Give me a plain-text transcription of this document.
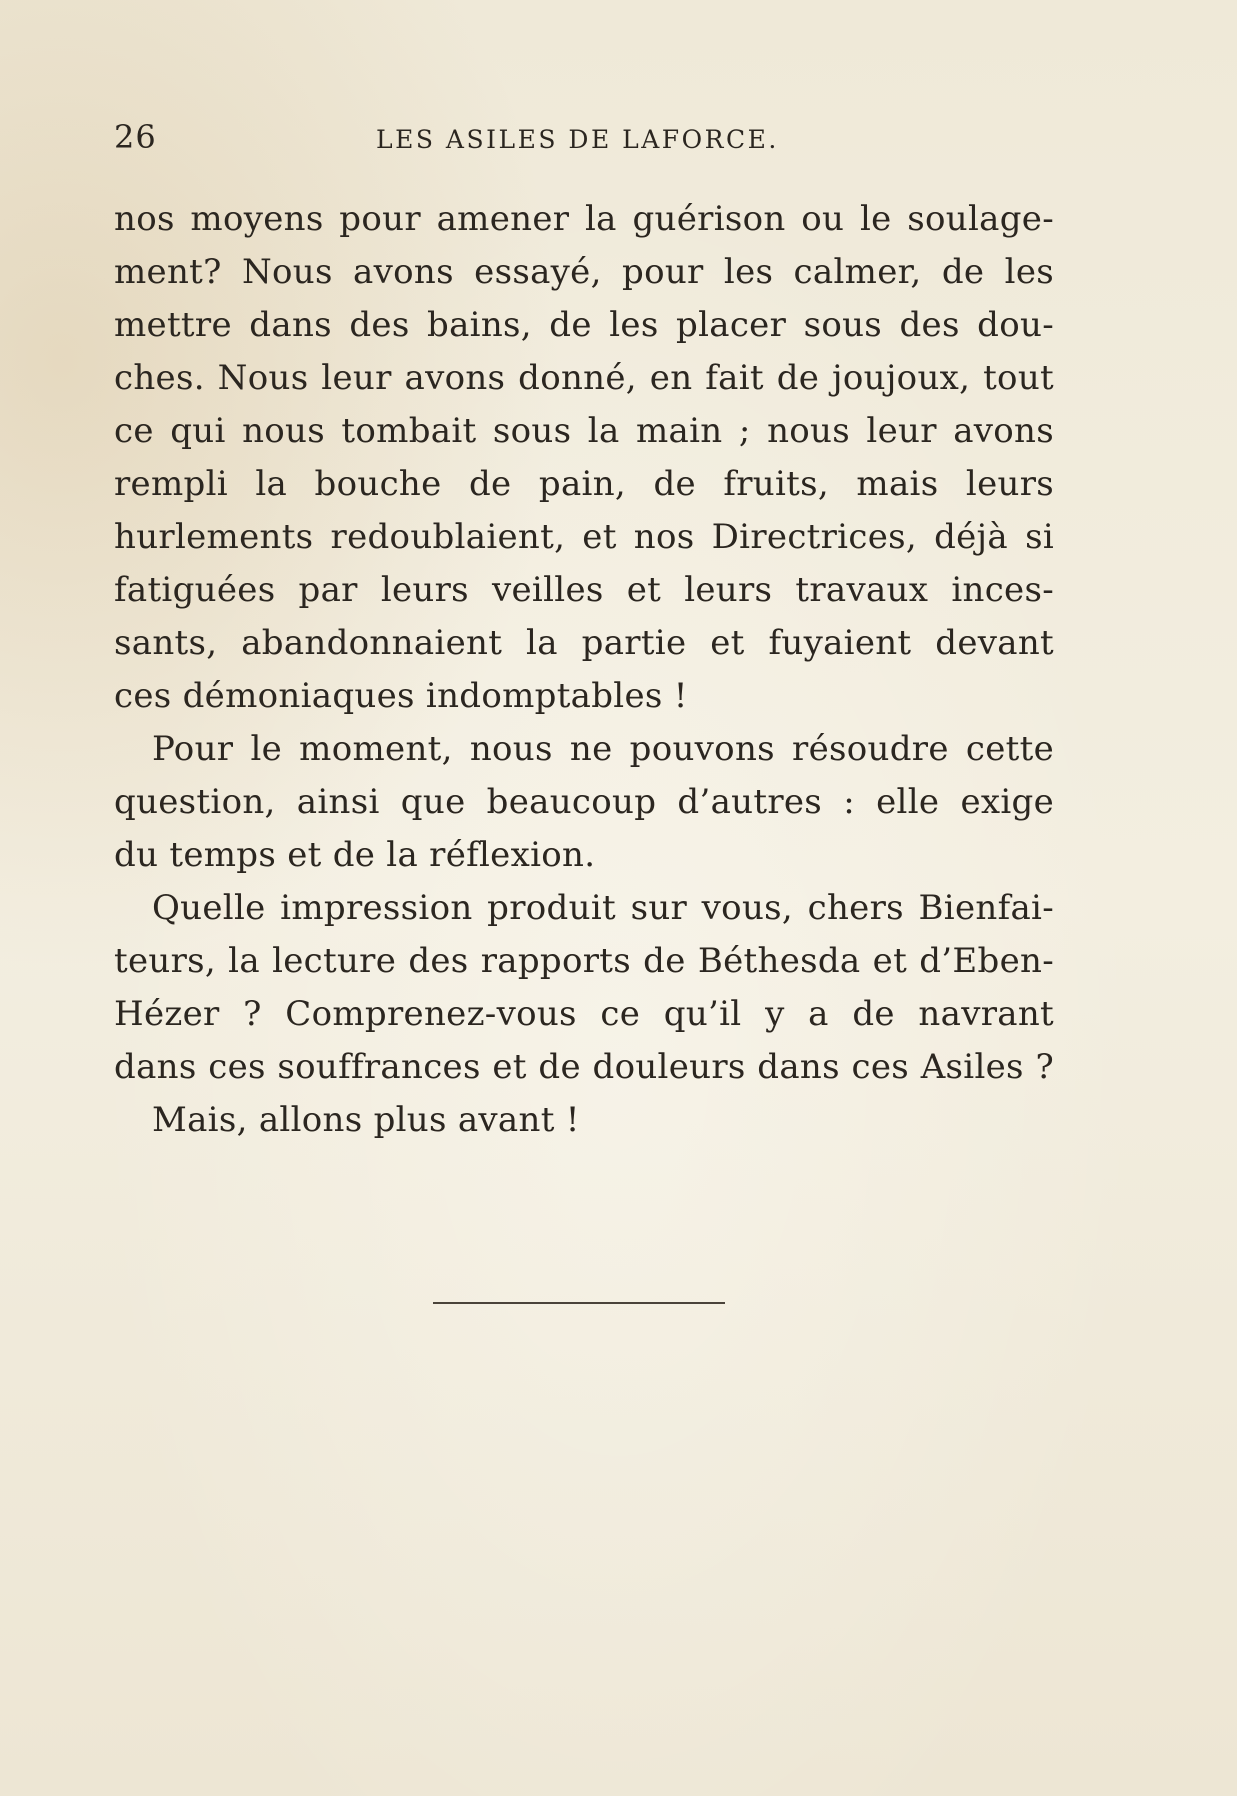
26	LES ASILES DE LAFORCE.
nos moyens pour amener la guérison ou le soulage-
ment? Nous avons essayé, pour les calmer, de les
mettre dans des bains, de les placer sous des dou-
ches. Nous leur avons donné, en fait de joujoux, tout
ce qui nous tombait sous la main ; nous leur avons
rempli la bouche de pain, de fruits, mais leurs
hurlements redoublaient, et nos Directrices, déjà si
fatiguées par leurs veilles et leurs travaux inces-
sants, abandonnaient la partie et fuyaient devant
ces démoniaques indomptables !
Pour le moment, nous ne pouvons résoudre cette
question, ainsi que beaucoup d’autres : elle exige
du temps et de la réflexion.
Quelle impression produit sur vous, chers Bienfai-
teurs, la lecture des rapports de Béthesda et d’Eben-
Hézer ? Comprenez-vous ce qu’il y a de navrant
dans ces souffrances et de douleurs dans ces Asiles ?
Mais, allons plus avant !
